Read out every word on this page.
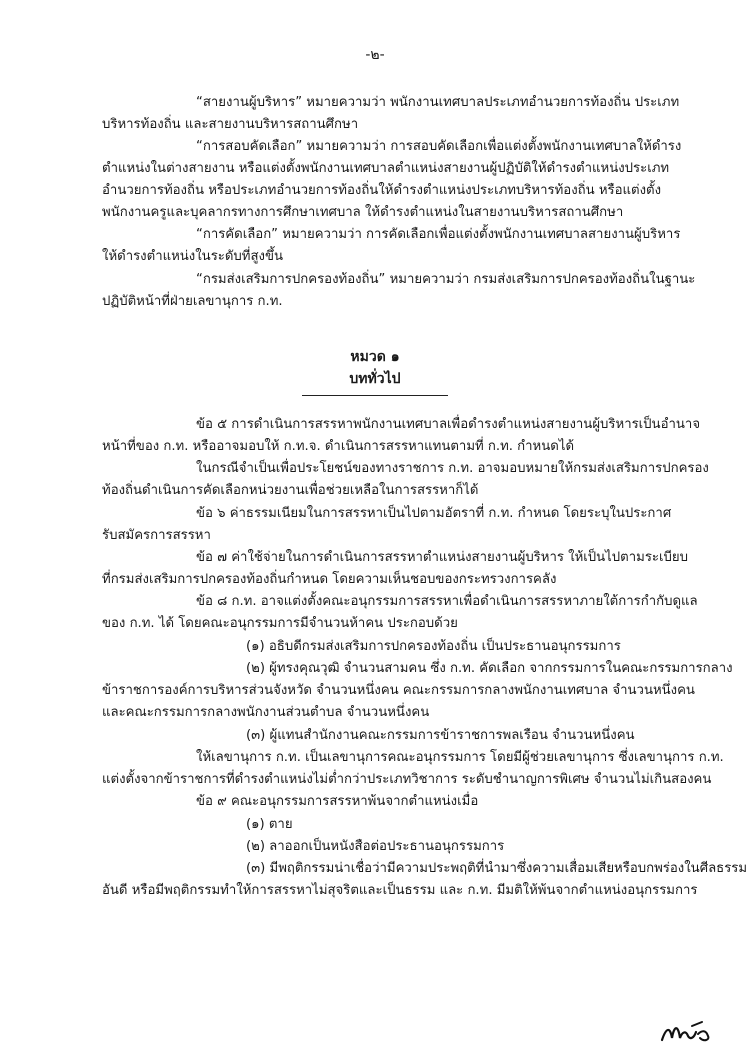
-๒-
“สายงานผู้บริหาร” หมายความว่า พนักงานเทศบาลประเภทอำนวยการท้องถิ่น ประเภท
บริหารท้องถิ่น และสายงานบริหารสถานศึกษา
“การสอบคัดเลือก” หมายความว่า การสอบคัดเลือกเพื่อแต่งตั้งพนักงานเทศบาลให้ดำรง
ตำแหน่งในต่างสายงาน หรือแต่งตั้งพนักงานเทศบาลตำแหน่งสายงานผู้ปฏิบัติให้ดำรงตำแหน่งประเภท
อำนวยการท้องถิ่น หรือประเภทอำนวยการท้องถิ่นให้ดำรงตำแหน่งประเภทบริหารท้องถิ่น หรือแต่งตั้ง
พนักงานครูและบุคลากรทางการศึกษาเทศบาล ให้ดำรงตำแหน่งในสายงานบริหารสถานศึกษา
“การคัดเลือก” หมายความว่า การคัดเลือกเพื่อแต่งตั้งพนักงานเทศบาลสายงานผู้บริหาร
ให้ดำรงตำแหน่งในระดับที่สูงขึ้น
“กรมส่งเสริมการปกครองท้องถิ่น” หมายความว่า กรมส่งเสริมการปกครองท้องถิ่นในฐานะ
ปฏิบัติหน้าที่ฝ่ายเลขานุการ ก.ท.
หมวด ๑
บททั่วไป
ข้อ ๕ การดำเนินการสรรหาพนักงานเทศบาลเพื่อดำรงตำแหน่งสายงานผู้บริหารเป็นอำนาจ
หน้าที่ของ ก.ท. หรืออาจมอบให้ ก.ท.จ. ดำเนินการสรรหาแทนตามที่ ก.ท. กำหนดได้
ในกรณีจำเป็นเพื่อประโยชน์ของทางราชการ ก.ท. อาจมอบหมายให้กรมส่งเสริมการปกครอง
ท้องถิ่นดำเนินการคัดเลือกหน่วยงานเพื่อช่วยเหลือในการสรรหาก็ได้
ข้อ ๖ ค่าธรรมเนียมในการสรรหาเป็นไปตามอัตราที่ ก.ท. กำหนด โดยระบุในประกาศ
รับสมัครการสรรหา
ข้อ ๗ ค่าใช้จ่ายในการดำเนินการสรรหาตำแหน่งสายงานผู้บริหาร ให้เป็นไปตามระเบียบ
ที่กรมส่งเสริมการปกครองท้องถิ่นกำหนด โดยความเห็นชอบของกระทรวงการคลัง
ข้อ ๘ ก.ท. อาจแต่งตั้งคณะอนุกรรมการสรรหาเพื่อดำเนินการสรรหาภายใต้การกำกับดูแล
ของ ก.ท. ได้ โดยคณะอนุกรรมการมีจำนวนห้าคน ประกอบด้วย
(๑) อธิบดีกรมส่งเสริมการปกครองท้องถิ่น เป็นประธานอนุกรรมการ
(๒) ผู้ทรงคุณวุฒิ จำนวนสามคน ซึ่ง ก.ท. คัดเลือก จากกรรมการในคณะกรรมการกลาง
ข้าราชการองค์การบริหารส่วนจังหวัด จำนวนหนึ่งคน คณะกรรมการกลางพนักงานเทศบาล จำนวนหนึ่งคน
และคณะกรรมการกลางพนักงานส่วนตำบล จำนวนหนึ่งคน
(๓) ผู้แทนสำนักงานคณะกรรมการข้าราชการพลเรือน จำนวนหนึ่งคน
ให้เลขานุการ ก.ท. เป็นเลขานุการคณะอนุกรรมการ โดยมีผู้ช่วยเลขานุการ ซึ่งเลขานุการ ก.ท.
แต่งตั้งจากข้าราชการที่ดำรงตำแหน่งไม่ต่ำกว่าประเภทวิชาการ ระดับชำนาญการพิเศษ จำนวนไม่เกินสองคน
ข้อ ๙ คณะอนุกรรมการสรรหาพ้นจากตำแหน่งเมื่อ
(๑) ตาย
(๒) ลาออกเป็นหนังสือต่อประธานอนุกรรมการ
(๓) มีพฤติกรรมน่าเชื่อว่ามีความประพฤติที่นำมาซึ่งความเสื่อมเสียหรือบกพร่องในศีลธรรม
อันดี หรือมีพฤติกรรมทำให้การสรรหาไม่สุจริตและเป็นธรรม และ ก.ท. มีมติให้พ้นจากตำแหน่งอนุกรรมการ
